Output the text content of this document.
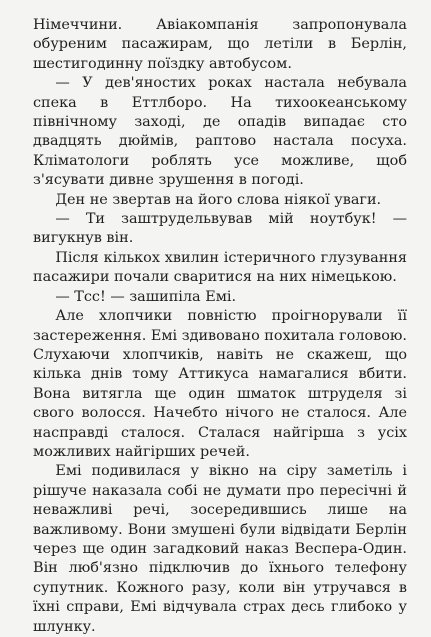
Німеччини. Авіакомпанія запропонувала обуреним пасажирам, що летіли в Берлін, шестигодинну поїздку автобусом.

— У дев'яностих роках настала небувала спека в Еттлборо. На тихоокеанському північному заході, де опадів випадає сто двадцять дюймів, раптово настала посуха. Кліматологи роблять усе можливе, щоб з'ясувати дивне зрушення в погоді.

Ден не звертав на його слова ніякої уваги.

— Ти заштрудельвував мій ноутбук! — вигукнув він.

Після кількох хвилин істеричного глузування пасажири почали сваритися на них німецькою.

— Тсс! — зашипіла Емі.

Але хлопчики повністю проігнорували її застереження. Емі здивовано похитала головою. Слухаючи хлопчиків, навіть не скажеш, що кілька днів тому Аттикуса намагалися вбити. Вона витягла ще один шматок штруделя зі свого волосся. Начебто нічого не сталося. Але насправді сталося. Сталася найгірша з усіх можливих найгірших речей.

Емі подивилася у вікно на сіру заметіль і рішуче наказала собі не думати про пересічні й неважливі речі, зосередившись лише на важливому. Вони змушені були відвідати Берлін через ще один загадковий наказ Веспера-Один. Він люб'язно підключив до їхнього телефону супутник. Кожного разу, коли він утручався в їхні справи, Емі відчувала страх десь глибоко у шлунку.
